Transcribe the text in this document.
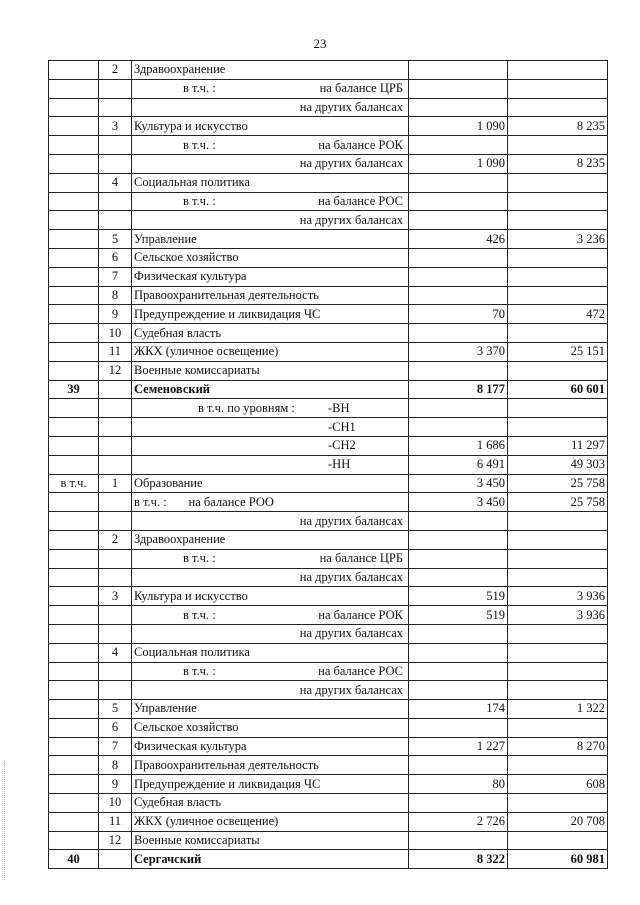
23
	2	Здравоохранение		
		в т.ч. : на балансе ЦРБ		
		на других балансах		
	3	Культура и искусство	1 090	8 235
		в т.ч. : на балансе РОК		
		на других балансах	1 090	8 235
	4	Социальная политика		
		в т.ч. : на балансе РОС		
		на других балансах		
	5	Управление	426	3 236
	6	Сельское хозяйство		
	7	Физическая культура		
	8	Правоохранительная деятельность		
	9	Предупреждение и ликвидация ЧС	70	472
	10	Судебная власть		
	11	ЖКХ (уличное освещение)	3 370	25 151
	12	Военные комиссариаты		
39		Семеновский	8 177	60 601
		в т.ч. по уровням : -ВН		
		-СН1		
		-СН2	1 686	11 297
		-НН	6 491	49 303
в т.ч.	1	Образование	3 450	25 758
		в т.ч. :       на балансе РОО	3 450	25 758
		на других балансах		
	2	Здравоохранение		
		в т.ч. : на балансе ЦРБ		
		на других балансах		
	3	Культура и искусство	519	3 936
		в т.ч. : на балансе РОК	519	3 936
		на других балансах		
	4	Социальная политика		
		в т.ч. : на балансе РОС		
		на других балансах		
	5	Управление	174	1 322
	6	Сельское хозяйство		
	7	Физическая культура	1 227	8 270
	8	Правоохранительная деятельность		
	9	Предупреждение и ликвидация ЧС	80	608
	10	Судебная власть		
	11	ЖКХ (уличное освещение)	2 726	20 708
	12	Военные комиссариаты		
40		Сергачский	8 322	60 981
